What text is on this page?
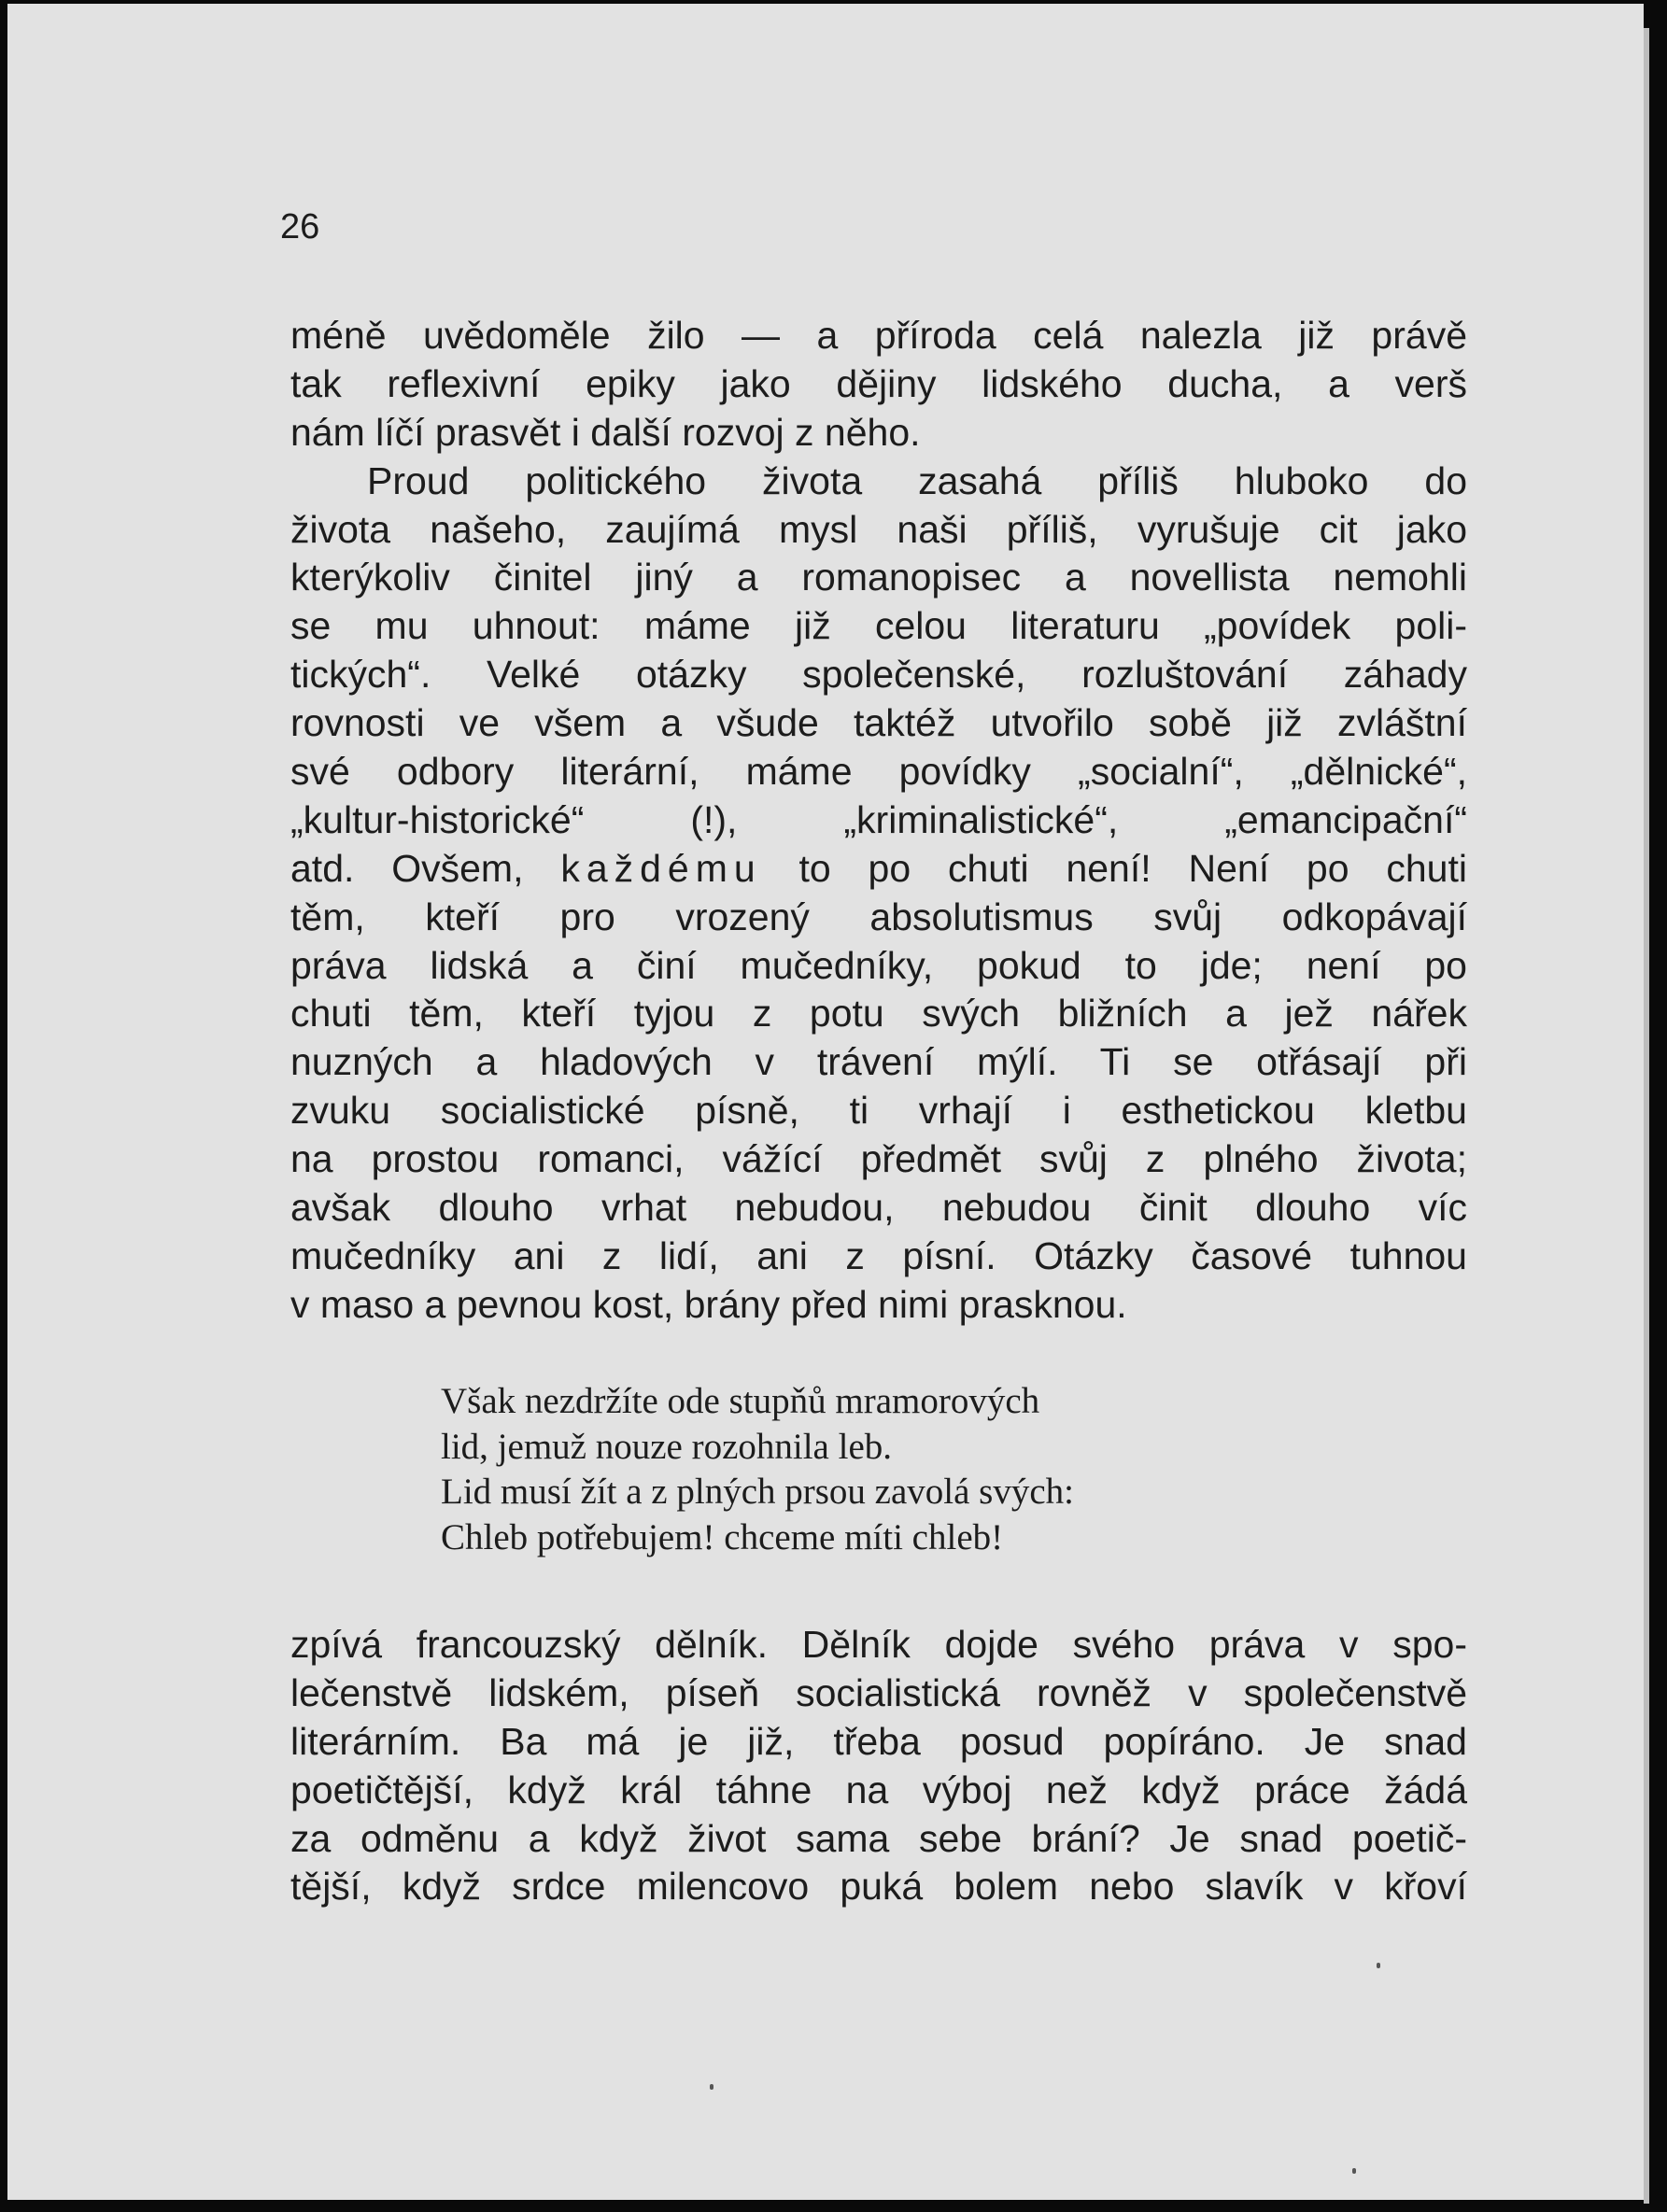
26
méně uvědoměle žilo — a příroda celá nalezla již právě
tak reflexivní epiky jako dějiny lidského ducha, a verš
nám líčí prasvět i další rozvoj z něho.
Proud politického života zasahá příliš hluboko do
života našeho, zaujímá mysl naši příliš, vyrušuje cit jako
kterýkoliv činitel jiný a romanopisec a novellista nemohli
se mu uhnout: máme již celou literaturu „povídek poli-
tických“. Velké otázky společenské, rozluštování záhady
rovnosti ve všem a všude taktéž utvořilo sobě již zvláštní
své odbory literární, máme povídky „socialní“, „dělnické“,
„kultur-historické“ (!), „kriminalistické“, „emancipační“
atd. Ovšem, každému to po chuti není! Není po chuti
těm, kteří pro vrozený absolutismus svůj odkopávají
práva lidská a činí mučedníky, pokud to jde; není po
chuti těm, kteří tyjou z potu svých bližních a jež nářek
nuzných a hladových v trávení mýlí. Ti se otřásají při
zvuku socialistické písně, ti vrhají i esthetickou kletbu
na prostou romanci, vážící předmět svůj z plného života;
avšak dlouho vrhat nebudou, nebudou činit dlouho víc
mučedníky ani z lidí, ani z písní. Otázky časové tuhnou
v maso a pevnou kost, brány před nimi prasknou.
Však nezdržíte ode stupňů mramorových
lid, jemuž nouze rozohnila leb.
Lid musí žít a z plných prsou zavolá svých:
Chleb potřebujem! chceme míti chleb!
zpívá francouzský dělník. Dělník dojde svého práva v spo-
lečenstvě lidském, píseň socialistická rovněž v společenstvě
literárním. Ba má je již, třeba posud popíráno. Je snad
poetičtější, když král táhne na výboj než když práce žádá
za odměnu a když život sama sebe brání? Je snad poetič-
tější, když srdce milencovo puká bolem nebo slavík v křoví
